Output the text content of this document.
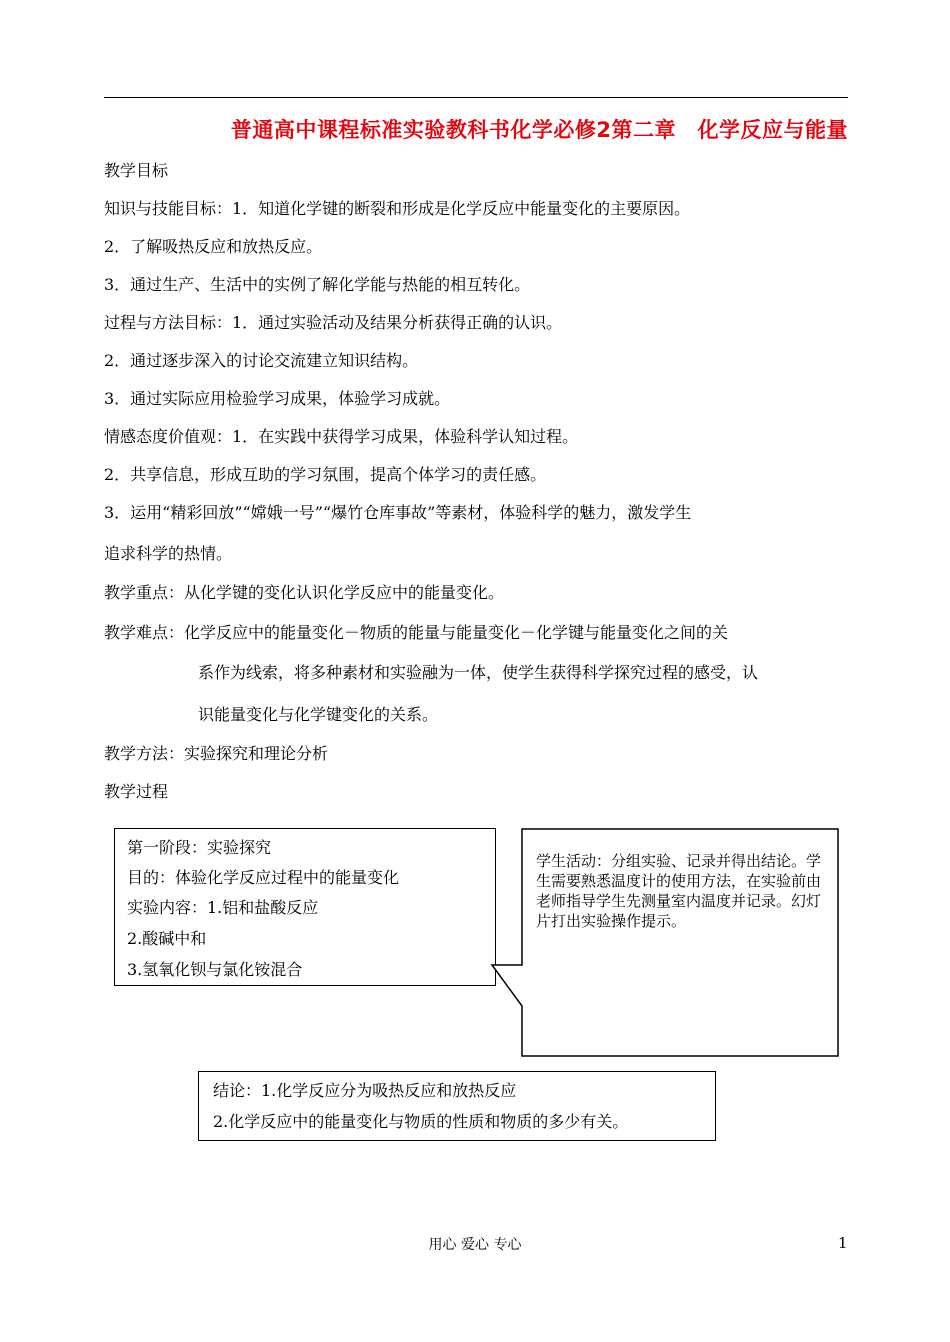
普通高中课程标准实验教科书化学必修2第二章　化学反应与能量
教学目标
知识与技能目标：1．知道化学键的断裂和形成是化学反应中能量变化的主要原因。
2．了解吸热反应和放热反应。
3．通过生产、生活中的实例了解化学能与热能的相互转化。
过程与方法目标：1．通过实验活动及结果分析获得正确的认识。
2．通过逐步深入的讨论交流建立知识结构。
3．通过实际应用检验学习成果，体验学习成就。
情感态度价值观：1．在实践中获得学习成果，体验科学认知过程。
2．共享信息，形成互助的学习氛围，提高个体学习的责任感。
3．运用“精彩回放”“嫦娥一号”“爆竹仓库事故”等素材，体验科学的魅力，激发学生
追求科学的热情。
教学重点：从化学键的变化认识化学反应中的能量变化。
教学难点：化学反应中的能量变化－物质的能量与能量变化－化学键与能量变化之间的关
系作为线索，将多种素材和实验融为一体，使学生获得科学探究过程的感受，认
识能量变化与化学键变化的关系。
教学方法：实验探究和理论分析
教学过程
第一阶段：实验探究
目的：体验化学反应过程中的能量变化
实验内容：1.铝和盐酸反应
2.酸碱中和
3.氢氧化钡与氯化铵混合
学生活动：分组实验、记录并得出结论。学生需要熟悉温度计的使用方法，在实验前由老师指导学生先测量室内温度并记录。幻灯片打出实验操作提示。
结论：1.化学反应分为吸热反应和放热反应
2.化学反应中的能量变化与物质的性质和物质的多少有关。
用心 爱心 专心	1
